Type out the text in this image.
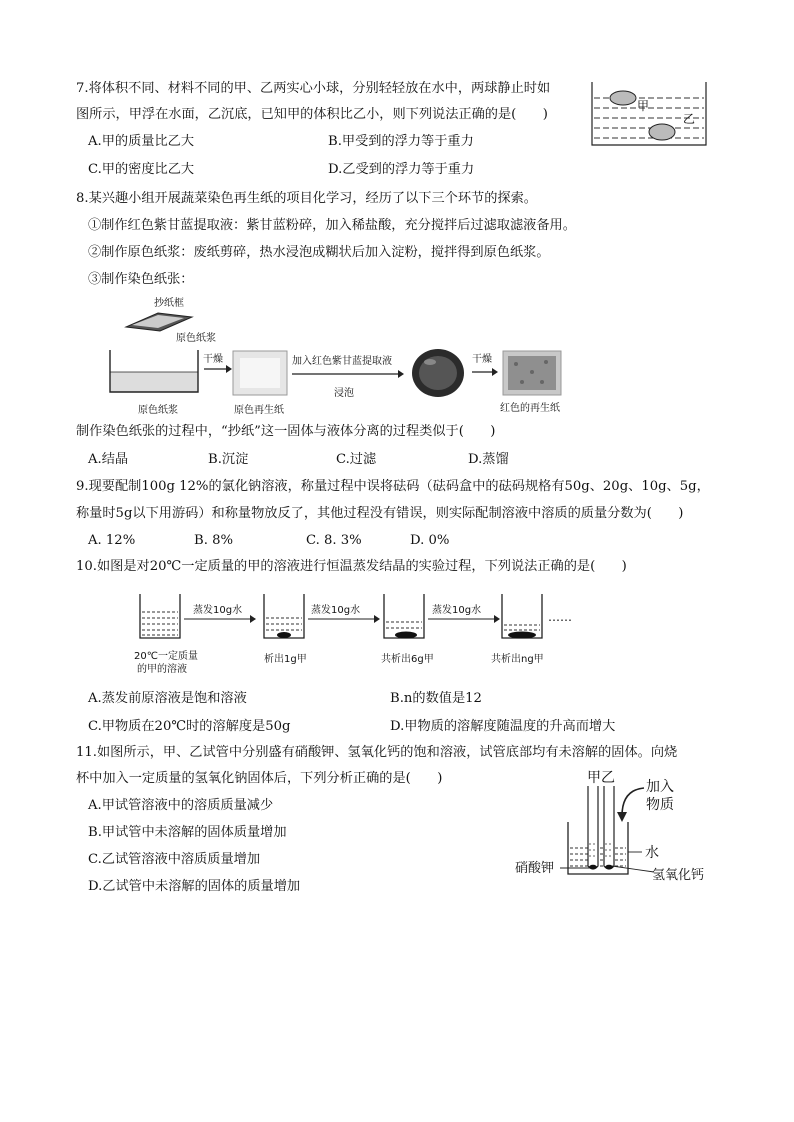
7.将体积不同、材料不同的甲、乙两实心小球，分别轻轻放在水中，两球静止时如
图所示，甲浮在水面，乙沉底，已知甲的体积比乙小，则下列说法正确的是(　　)
A.甲的质量比乙大	B.甲受到的浮力等于重力
C.甲的密度比乙大	D.乙受到的浮力等于重力
甲
乙
8.某兴趣小组开展蔬菜染色再生纸的项目化学习，经历了以下三个环节的探索。
①制作红色紫甘蓝提取液：紫甘蓝粉碎，加入稀盐酸，充分搅拌后过滤取滤液备用。
②制作原色纸浆：废纸剪碎，热水浸泡成糊状后加入淀粉，搅拌得到原色纸浆。
③制作染色纸张：
抄纸框
原色纸浆
原色纸浆
干燥
原色再生纸
加入红色紫甘蓝提取液
浸泡
干燥
红色的再生纸
制作染色纸张的过程中，“抄纸”这一固体与液体分离的过程类似于(　　)
A.结晶	B.沉淀	C.过滤	D.蒸馏
9.现要配制100g 12%的氯化钠溶液，称量过程中误将砝码（砝码盒中的砝码规格有50g、20g、10g、5g，
称量时5g以下用游码）和称量物放反了，其他过程没有错误，则实际配制溶液中溶质的质量分数为(　　)
A. 12%	B. 8%	C. 8. 3%	D. 0%
10.如图是对20℃一定质量的甲的溶液进行恒温蒸发结晶的实验过程，下列说法正确的是(　　)
蒸发10g水	蒸发10g水	蒸发10g水	……
20℃一定质量
的甲的溶液
析出1g甲	共析出6g甲	共析出ng甲
A.蒸发前原溶液是饱和溶液	B.n的数值是12
C.甲物质在20℃时的溶解度是50g	D.甲物质的溶解度随温度的升高而增大
11.如图所示，甲、乙试管中分别盛有硝酸钾、氢氧化钙的饱和溶液，试管底部均有未溶解的固体。向烧
杯中加入一定质量的氢氧化钠固体后，下列分析正确的是(　　)
A.甲试管溶液中的溶质质量减少
B.甲试管中未溶解的固体质量增加
C.乙试管溶液中溶质质量增加
D.乙试管中未溶解的固体的质量增加
甲乙
加入
物质
水
硝酸钾	氢氧化钙
